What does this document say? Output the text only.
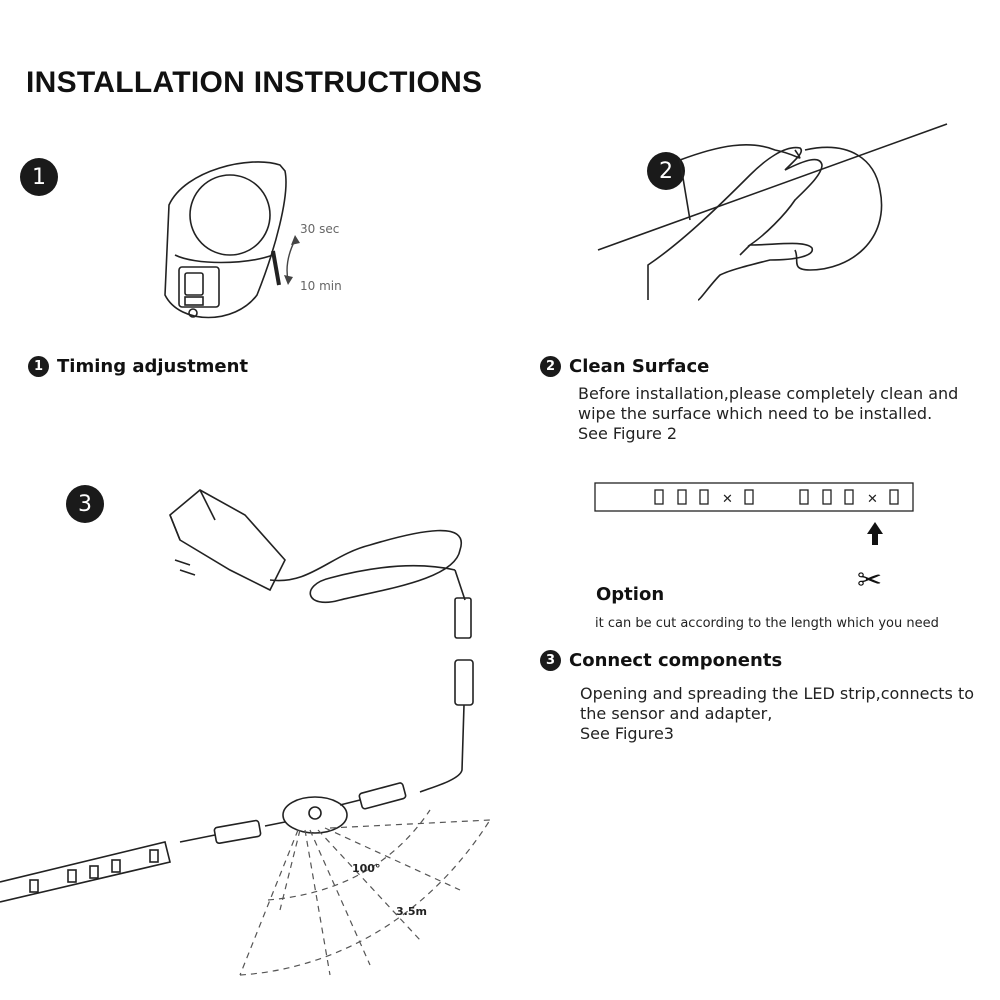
INSTALLATION INSTRUCTIONS
1	2
3
30 sec
10 min
100°
3.5m
1 Timing adjustment	2 Clean Surface
Before installation,please completely clean and
wipe the surface which need to be installed.
See Figure 2
✕	✕
✂
Option
it can be cut according to the length which you need
3 Connect components
Opening and spreading the LED strip,connects to
the sensor and adapter,
See Figure3
